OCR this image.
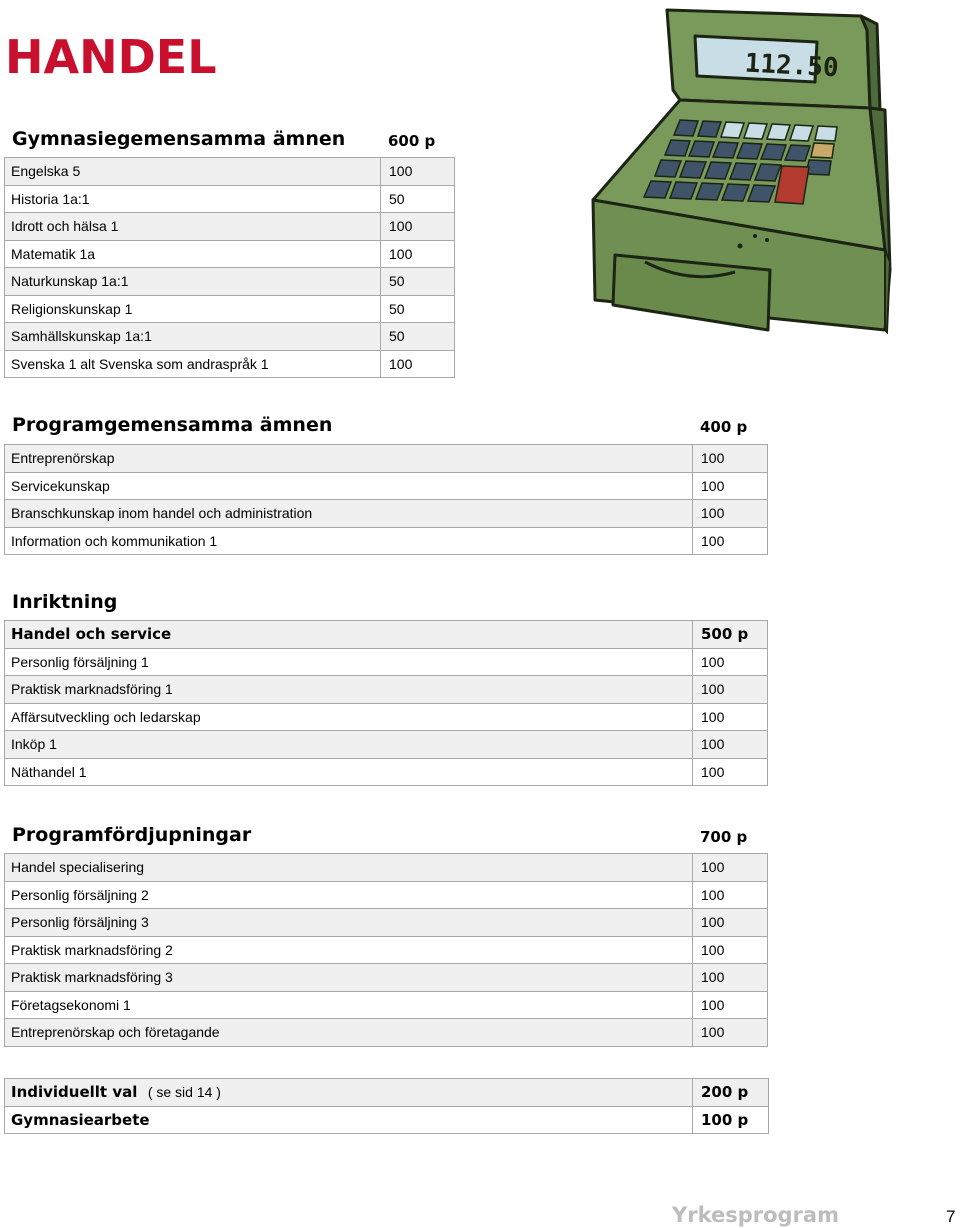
HANDEL
Gymnasiegemensamma ämnen	600 p
Engelska 5	100
Historia 1a:1	50
Idrott och hälsa 1	100
Matematik 1a	100
Naturkunskap 1a:1	50
Religionskunskap 1	50
Samhällskunskap 1a:1	50
Svenska 1 alt Svenska som andraspråk 1	100
Programgemensamma ämnen	400 p
Entreprenörskap	100
Servicekunskap	100
Branschkunskap inom handel och administration	100
Information och kommunikation 1	100
Inriktning
Handel och service	500 p
Personlig försäljning 1	100
Praktisk marknadsföring 1	100
Affärsutveckling och ledarskap	100
Inköp 1	100
Näthandel 1	100
Programfördjupningar	700 p
Handel specialisering	100
Personlig försäljning 2	100
Personlig försäljning 3	100
Praktisk marknadsföring 2	100
Praktisk marknadsföring 3	100
Företagsekonomi 1	100
Entreprenörskap och företagande	100
Individuellt val ( se sid 14 )	200 p
Gymnasiearbete	100 p
112.50
Yrkesprogram	7
